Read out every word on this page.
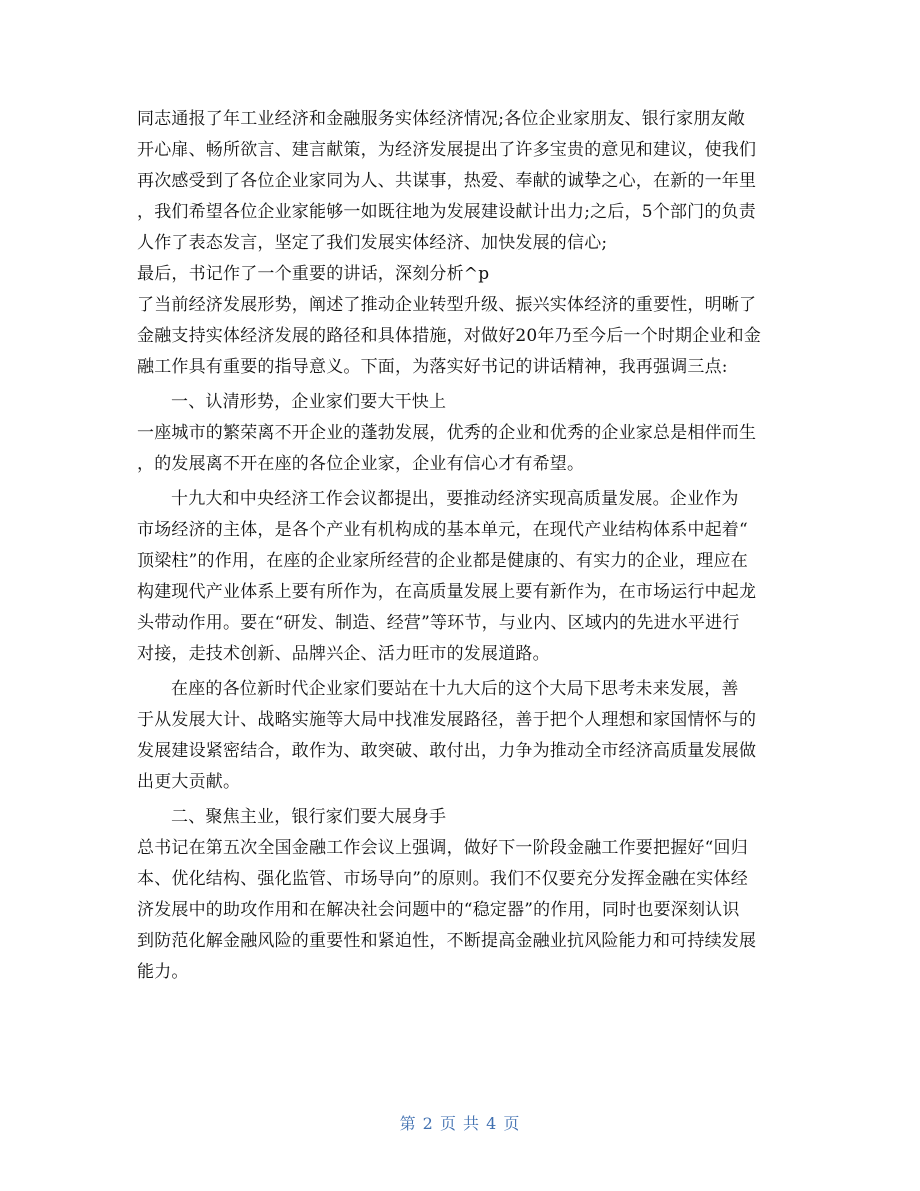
同志通报了年工业经济和金融服务实体经济情况;各位企业家朋友、银行家朋友敞
开心扉、畅所欲言、建言献策，为经济发展提出了许多宝贵的意见和建议，使我们
再次感受到了各位企业家同为人、共谋事，热爱、奉献的诚挚之心，在新的一年里
，我们希望各位企业家能够一如既往地为发展建设献计出力;之后，5个部门的负责
人作了表态发言，坚定了我们发展实体经济、加快发展的信心;
最后，书记作了一个重要的讲话，深刻分析^p
了当前经济发展形势，阐述了推动企业转型升级、振兴实体经济的重要性，明晰了
金融支持实体经济发展的路径和具体措施，对做好20年乃至今后一个时期企业和金
融工作具有重要的指导意义。下面，为落实好书记的讲话精神，我再强调三点:
一、认清形势，企业家们要大干快上
一座城市的繁荣离不开企业的蓬勃发展，优秀的企业和优秀的企业家总是相伴而生
，的发展离不开在座的各位企业家，企业有信心才有希望。
十九大和中央经济工作会议都提出，要推动经济实现高质量发展。企业作为
市场经济的主体，是各个产业有机构成的基本单元，在现代产业结构体系中起着“
顶梁柱”的作用，在座的企业家所经营的企业都是健康的、有实力的企业，理应在
构建现代产业体系上要有所作为，在高质量发展上要有新作为，在市场运行中起龙
头带动作用。要在“研发、制造、经营”等环节，与业内、区域内的先进水平进行
对接，走技术创新、品牌兴企、活力旺市的发展道路。
在座的各位新时代企业家们要站在十九大后的这个大局下思考未来发展，善
于从发展大计、战略实施等大局中找准发展路径，善于把个人理想和家国情怀与的
发展建设紧密结合，敢作为、敢突破、敢付出，力争为推动全市经济高质量发展做
出更大贡献。
二、聚焦主业，银行家们要大展身手
总书记在第五次全国金融工作会议上强调，做好下一阶段金融工作要把握好“回归
本、优化结构、强化监管、市场导向”的原则。我们不仅要充分发挥金融在实体经
济发展中的助攻作用和在解决社会问题中的“稳定器”的作用，同时也要深刻认识
到防范化解金融风险的重要性和紧迫性，不断提高金融业抗风险能力和可持续发展
能力。
第 2 页 共 4 页
